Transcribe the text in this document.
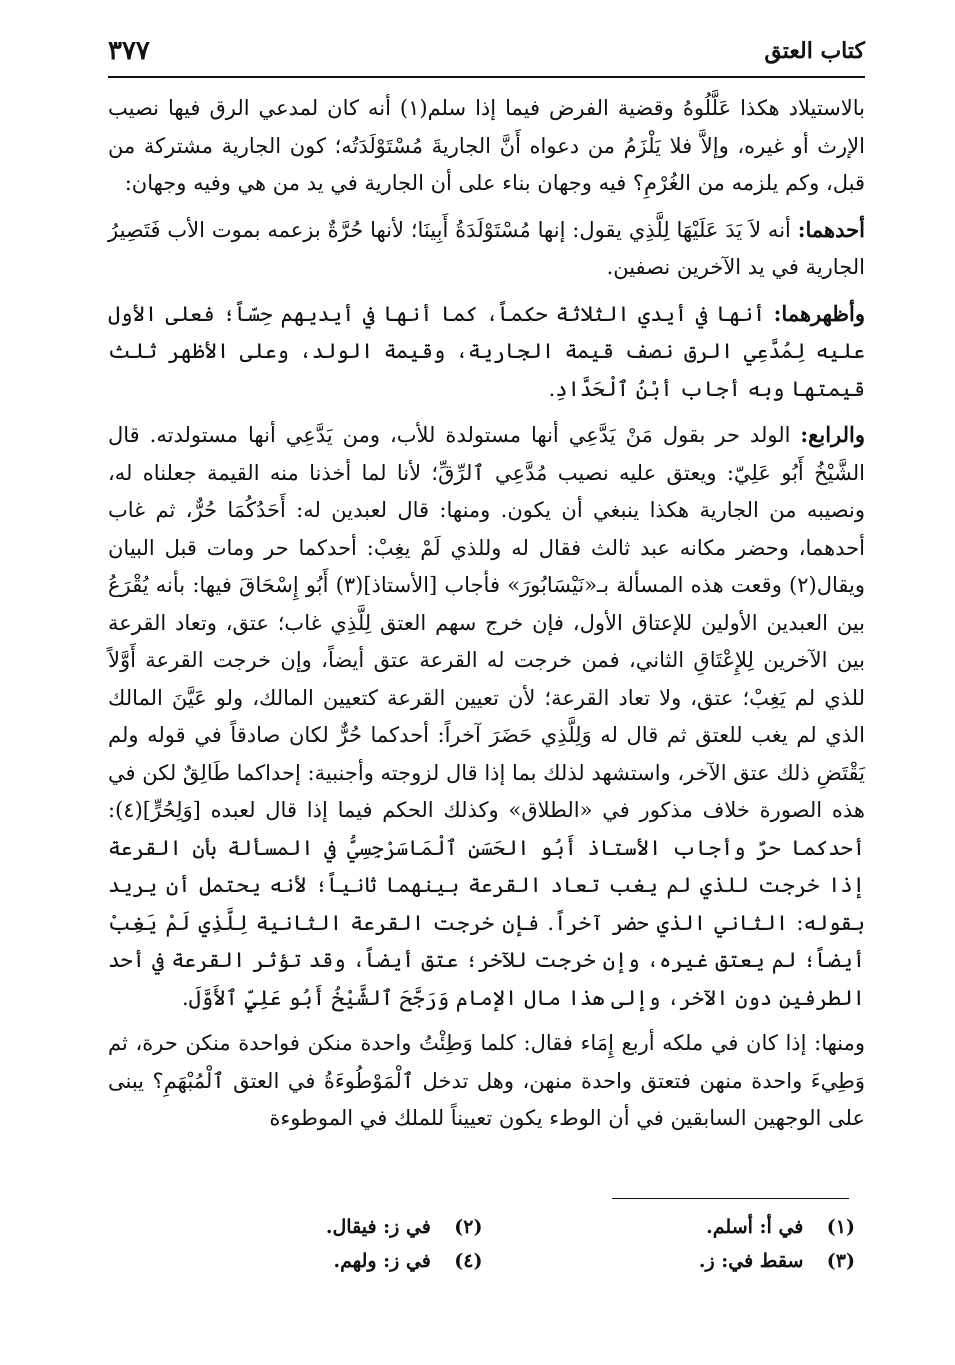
كتاب العتق
٣٧٧

بالاستيلاد هكذا عَلَّلُوهُ وقضية الفرض فيما إذا سلم(١) أنه كان لمدعي الرق فيها نصيب الإرث أو غيره، وإلاَّ فلا يَلْزَمُ من دعواه أَنَّ الجاريةَ مُسْتَوْلَدَتُه؛ كون الجارية مشتركة من قبل، وكم يلزمه من الغُرْمِ؟ فيه وجهان بناء على أن الجارية في يد من هي وفيه وجهان:

أحدهما: أنه لاَ يَدَ عَلَيْهَا لِلَّذِي يقول: إنها مُسْتَوْلَدَةُ أَبِينَا؛ لأنها حُرَّةٌ بزعمه بموت الأب فَتَصِيرُ الجارية في يد الآخرين نصفين.

وأظهرهما: أنها في أيدي الثلاثة حكماً، كما أنها في أيديهم حِسّاً؛ فعلى الأول عليه لِمُدَّعِي الرق نصف قيمة الجارية، وقيمة الولد، وعلى الأظهر ثلث قيمتها وبه أجاب أبْنُ ٱلْحَدَّادِ.

والرابع: الولد حر بقول مَنْ يَدَّعِي أنها مستولدة للأب، ومن يَدَّعِي أنها مستولدته. قال الشَّيْخُ أَبُو عَلِيّ: ويعتق عليه نصيب مُدَّعِي ٱلرِّقِّ؛ لأنا لما أخذنا منه القيمة جعلناه له، ونصيبه من الجارية هكذا ينبغي أن يكون. ومنها: قال لعبدين له: أَحَدُكُمَا حُرٌّ، ثم غاب أحدهما، وحضر مكانه عبد ثالث فقال له وللذي لَمْ يغِبْ: أحدكما حر ومات قبل البيان ويقال(٢) وقعت هذه المسألة بـ«نَيْسَابُورَ» فأجاب [الأستاذ](٣) أَبُو إِسْحَاقَ فيها: بأنه يُقْرَعُ بين العبدين الأولين للإعتاق الأول، فإن خرج سهم العتق لِلَّذِي غاب؛ عتق، وتعاد القرعة بين الآخرين لِلإِعْتَاقِ الثاني، فمن خرجت له القرعة عتق أيضاً، وإن خرجت القرعة أَوَّلاً للذي لم يَغِبْ؛ عتق، ولا تعاد القرعة؛ لأن تعيين القرعة كتعيين المالك، ولو عَيَّنَ المالك الذي لم يغب للعتق ثم قال له وَلِلَّذِي حَضَرَ آخراً: أحدكما حُرٌّ لكان صادقاً في قوله ولم يَقْتَضِ ذلك عتق الآخر، واستشهد لذلك بما إذا قال لزوجته وأجنبية: إحداكما طَالِقٌ لكن في هذه الصورة خلاف مذكور في «الطلاق» وكذلك الحكم فيما إذا قال لعبده [وَلِحُرٍّ](٤): أحدكما حرٌ وأجاب الأستاذ أَبُو الحَسَنِ ٱلْمَاسَرْجِسِيُّ في المسألة بأن القرعة إذا خرجت للذي لم يغب تعاد القرعة بينهما ثانياً؛ لأنه يحتمل أن يريد بقوله: الثاني الذي حضر آخراً. فإن خرجت القرعة الثانية لِلَّذِي لَمْ يَغِبْ أيضاً؛ لم يعتق غيره، وإن خرجت للآخر؛ عتق أيضاً، وقد تؤثر القرعة في أحد الطرفين دون الآخر، وإلى هذا مال الإمام وَرَجَّحَ ٱلشَّيْخُ أَبُو عَلِيٍّ ٱلأَوَّلَ.

ومنها: إذا كان في ملكه أربع إِمَاء فقال: كلما وَطِئْتُ واحدة منكن فواحدة منكن حرة، ثم وَطِيءَ واحدة منهن فتعتق واحدة منهن، وهل تدخل ٱلْمَوْطُوءَةُ في العتق ٱلْمُبْهَمِ؟ يبنى على الوجهين السابقين في أن الوطء يكون تعييناً للملك في الموطوءة

(١) في أ: أسلم.
(٢) في ز: فيقال.
(٣) سقط في: ز.
(٤) في ز: ولهم.
